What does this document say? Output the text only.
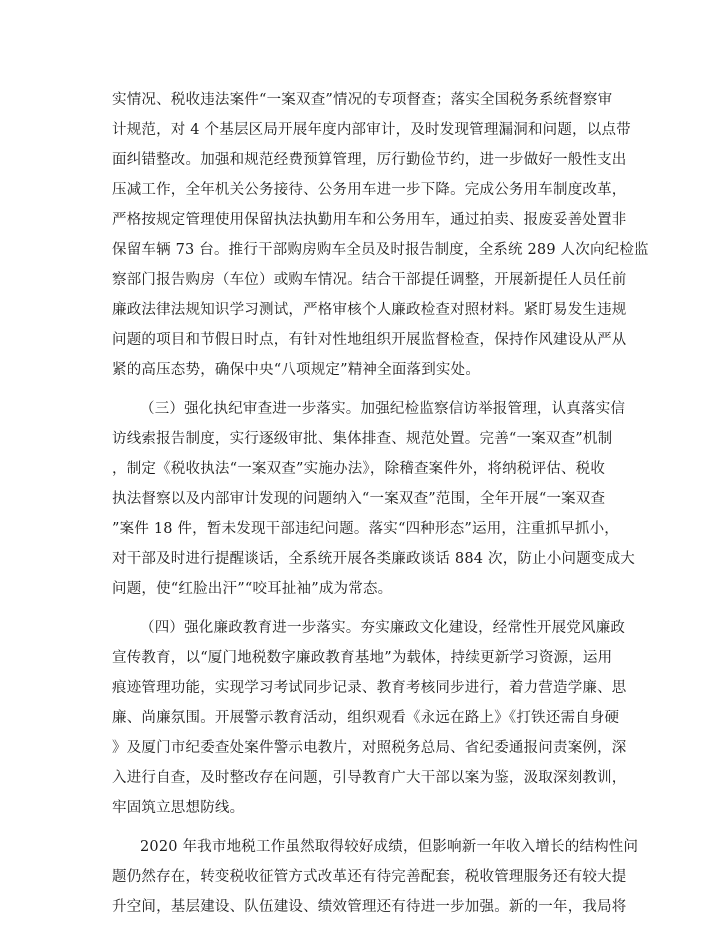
实情况、税收违法案件“一案双查”情况的专项督查；落实全国税务系统督察审
计规范，对 4 个基层区局开展年度内部审计，及时发现管理漏洞和问题，以点带
面纠错整改。加强和规范经费预算管理，厉行勤俭节约，进一步做好一般性支出
压减工作，全年机关公务接待、公务用车进一步下降。完成公务用车制度改革，
严格按规定管理使用保留执法执勤用车和公务用车，通过拍卖、报废妥善处置非
保留车辆 73 台。推行干部购房购车全员及时报告制度，全系统 289 人次向纪检监
察部门报告购房（车位）或购车情况。结合干部提任调整，开展新提任人员任前
廉政法律法规知识学习测试，严格审核个人廉政检查对照材料。紧盯易发生违规
问题的项目和节假日时点，有针对性地组织开展监督检查，保持作风建设从严从
紧的高压态势，确保中央“八项规定”精神全面落到实处。
（三）强化执纪审查进一步落实。加强纪检监察信访举报管理，认真落实信
访线索报告制度，实行逐级审批、集体排查、规范处置。完善“一案双查”机制
，制定《税收执法“一案双查”实施办法》，除稽查案件外，将纳税评估、税收
执法督察以及内部审计发现的问题纳入“一案双查”范围，全年开展“一案双查
”案件 18 件，暂未发现干部违纪问题。落实“四种形态”运用，注重抓早抓小，
对干部及时进行提醒谈话，全系统开展各类廉政谈话 884 次，防止小问题变成大
问题，使“红脸出汗”“咬耳扯袖”成为常态。
（四）强化廉政教育进一步落实。夯实廉政文化建设，经常性开展党风廉政
宣传教育，以“厦门地税数字廉政教育基地”为载体，持续更新学习资源，运用
痕迹管理功能，实现学习考试同步记录、教育考核同步进行，着力营造学廉、思
廉、尚廉氛围。开展警示教育活动，组织观看《永远在路上》《打铁还需自身硬
》及厦门市纪委查处案件警示电教片，对照税务总局、省纪委通报问责案例，深
入进行自查，及时整改存在问题，引导教育广大干部以案为鉴，汲取深刻教训，
牢固筑立思想防线。
2020 年我市地税工作虽然取得较好成绩，但影响新一年收入增长的结构性问
题仍然存在，转变税收征管方式改革还有待完善配套，税收管理服务还有较大提
升空间，基层建设、队伍建设、绩效管理还有待进一步加强。新的一年，我局将
